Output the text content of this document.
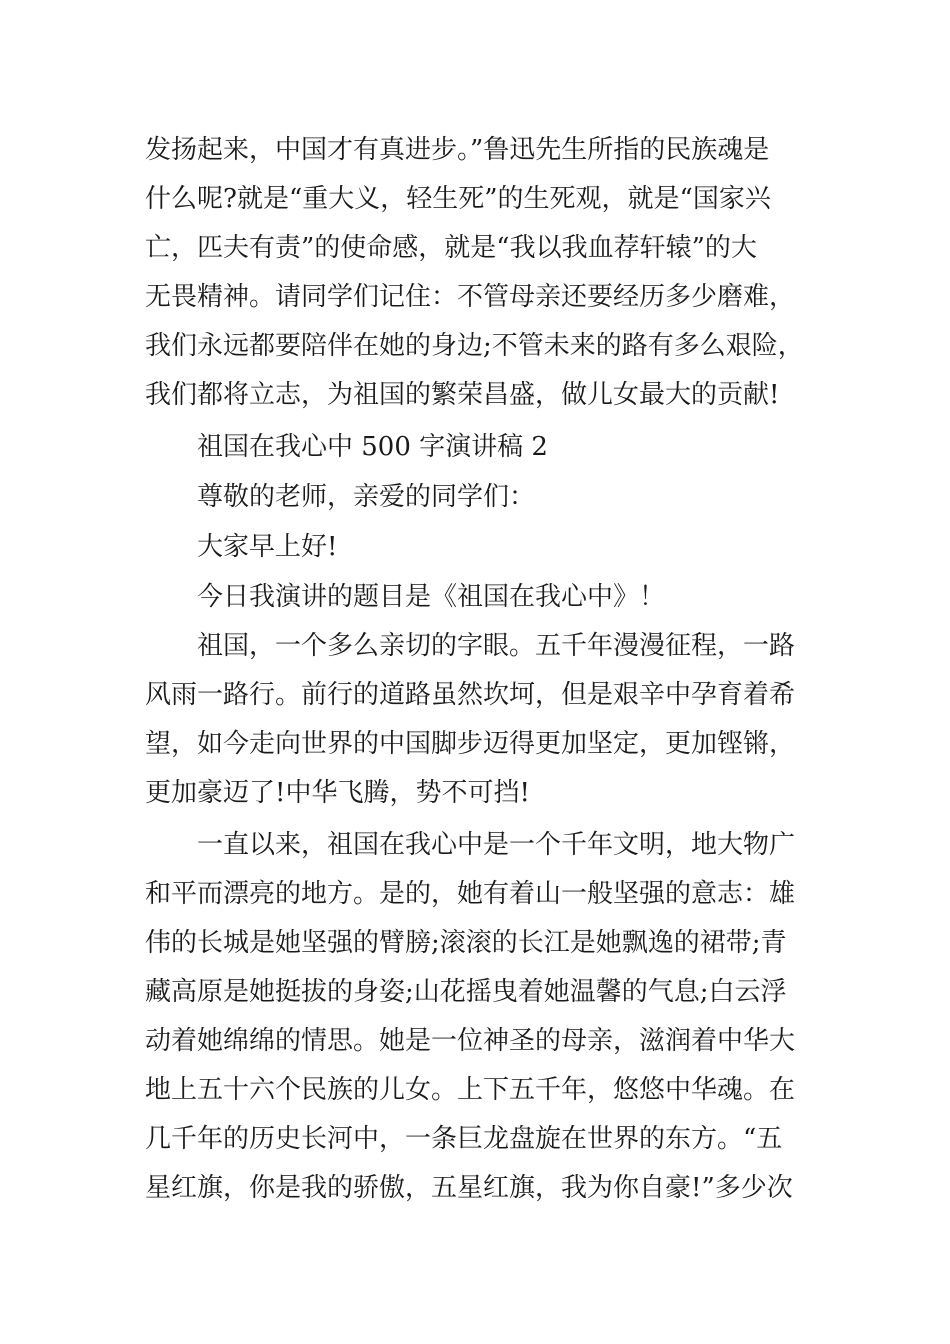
发扬起来，中国才有真进步。”鲁迅先生所指的民族魂是
什么呢?就是“重大义，轻生死”的生死观，就是“国家兴
亡，匹夫有责”的使命感，就是“我以我血荐轩辕”的大
无畏精神。请同学们记住：不管母亲还要经历多少磨难，
我们永远都要陪伴在她的身边;不管未来的路有多么艰险，
我们都将立志，为祖国的繁荣昌盛，做儿女最大的贡献!
祖国在我心中 500 字演讲稿 2
尊敬的老师，亲爱的同学们：
大家早上好!
今日我演讲的题目是《祖国在我心中》！
祖国，一个多么亲切的字眼。五千年漫漫征程，一路
风雨一路行。前行的道路虽然坎坷，但是艰辛中孕育着希
望，如今走向世界的中国脚步迈得更加坚定，更加铿锵，
更加豪迈了!中华飞腾，势不可挡!
一直以来，祖国在我心中是一个千年文明，地大物广
和平而漂亮的地方。是的，她有着山一般坚强的意志：雄
伟的长城是她坚强的臂膀;滚滚的长江是她飘逸的裙带;青
藏高原是她挺拔的身姿;山花摇曳着她温馨的气息;白云浮
动着她绵绵的情思。她是一位神圣的母亲，滋润着中华大
地上五十六个民族的儿女。上下五千年，悠悠中华魂。在
几千年的历史长河中，一条巨龙盘旋在世界的东方。“五
星红旗，你是我的骄傲，五星红旗，我为你自豪!”多少次
